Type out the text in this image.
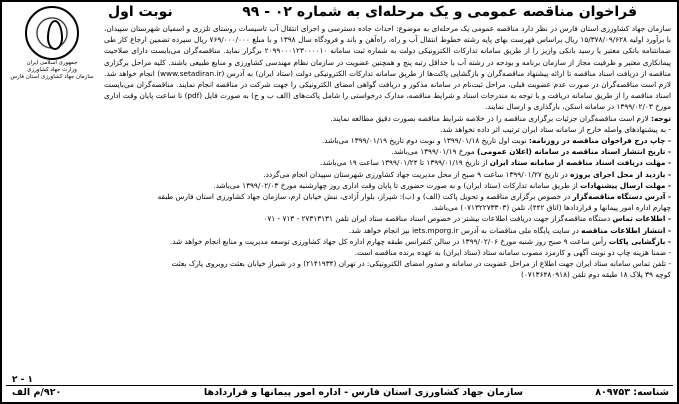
فراخوان مناقصه عمومی و یک مرحله‌ای به شماره ۰۲ - ۹۹
نوبت اول
جمهوری اسلامی ایران
وزارت جهاد کشاورزی
سازمان جهاد کشاورزی استان فارس
سازمان جهاد کشاورزی استان فارس در نظر دارد مناقصه عمومی یک مرحله‌ای به موضوع: احداث جاده دسترسی و اجرای انتقال آب تاسیسات روستای تلزری و اسفیان شهرستان سپیدان، با برآورد اولیه ۱۵/۳۷۸/۰۹/۶۲۸ ریال براساس فهرست بهای پایه رشته خطوط انتقال آب و راه، راه‌آهن و باند و فرودگاه سال ۱۳۹۸ و با مبلغ ۷۶۹/۰۰۰/۰۰۰ ریال سپرده تضمین ارجاع کار طی ضمانتنامه بانکی معتبر یا رسید بانکی واریز را از طریق سامانه تدارکات الکترونیکی دولت به شماره ثبت سامانه ۲۰۹۹۰۰۰۱۲۳۰۰۰۰۱۰ برگزار نماید. مناقصه‌گران می‌بایست دارای صلاحیت پیمانکاری معتبر و ظرفیت مجاز از سازمان برنامه و بودجه در رشته آب با حداقل رتبه پنج و همچنین عضویت در سازمان نظام مهندسی کشاورزی و منابع طبیعی باشند. کلیه مراحل برگزاری مناقصه از دریافت اسناد مناقصه تا ارائه پیشنهاد مناقصه‌گران و بازگشایی پاکت‌ها از طریق سامانه تدارکات الکترونیکی دولت (ستاد ایران) به آدرس (www.setadiran.ir) انجام خواهد شد. لازم است مناقصه‌گران در صورت عدم عضویت قبلی، مراحل ثبت‌نام در سامانه مذکور و دریافت گواهی امضای الکترونیکی را جهت شرکت در مناقصه انجام نمایند. مناقصه‌گران می‌بایست اسناد مناقصه را از طریق سامانه دریافت و با توجه به مندرجات اسناد و شرایط مناقصه، مدارک درخواستی را شامل پاکت‌های (الف ب و ج) به صورت فایل (pdf) تا ساعت پایان وقت اداری مورخ ۱۳۹۹/۰۲/۰۳ در سامانه اسکن، بارگذاری و ارسال نمایند.
توجه: لازم است مناقصه‌گران جزئیات برگزاری مناقصه را در خلاصه شرایط مناقصه بصورت دقیق مطالعه نمایند.
- به پیشنهادهای واصله خارج از سامانه ستاد ایران ترتیب اثر داده نخواهد شد.
- چاپ درج فراخوان مناقصه در روزنامه: نوبت اول تاریخ ۱۳۹۹/۰۱/۱۸ و نوبت دوم تاریخ ۱۳۹۹/۰۱/۱۹ می‌باشد.
- تاریخ انتشار اسناد مناقصه در سامانه (اعلان عمومی) مورخ ۱۳۹۹/۰۱/۱۹ می‌باشد.
- مهلت دریافت اسناد مناقصه از سامانه ستاد ایران از تاریخ ۱۳۹۹/۰۱/۱۹ تا ۱۳۹۹/۰۱/۲۴ ساعت ۱۹ می‌باشد.
- بازدید از محل اجرای پروژه در تاریخ ۱۳۹۹/۰۱/۲۷ ساعت ۹ صبح از محل مدیریت جهاد کشاورزی شهرستان سپیدان انجام می‌گردد.
- مهلت ارسال پیشنهادات از طریق سامانه تدارکات (ستاد ایران) و به صورت حضوری تا پایان وقت اداری روز چهارشنبه مورخ ۱۳۹۹/۰۲/۰۳ می‌باشد.
- آدرس دستگاه مناقصه‌گزار در خصوص برگزاری مناقصه و تحویل پاکت (الف) و (ب): شیراز، بلوار آزادی، نبش خیابان ارم، سازمان جهاد کشاورزی استان فارس طبقه
چهارم اداره امور پیمانها و قراردادها (اتاق ۴۴۲)، تلفن (۰۷۱۳۲۲۷۳۳۰۳) می‌باشد.
- اطلاعات تماس دستگاه مناقصه‌گزار جهت دریافت اطلاعات بیشتر در خصوص اسناد مناقصه ستاد ایران تلفن ۲۷۳۱۳۱۳۱ - ۷۱۳ - ۰۷۱
- انتشار اطلاعات مناقصه در سایت پایگاه ملی مناقصات به آدرس iets.mporg.ir نیز انجام خواهد شد.
- بازگشایی پاکات رأس ساعت ۹ صبح روز شنبه مورخ ۱۳۹۹/۰۲/۰۶ در سالن کنفرانس طبقه چهارم اداره کل جهاد کشاورزی توسعه مدیریت و منابع انجام خواهد شد.
- ضمنا هزینه چاپ دو نوبت آگهی و کارمزد مصوب سامانه ستاد (ستاد ایران) به عهده برنده مناقصه است.
- تلفن تماس سامانه ستاد ایران جهت اطلاع از مراحل عضویت در سامانه و صدور امضای الکترونیکی: در تهران (۲۱۴۱۹۳۴) و در شیراز خیابان بعثت روبروی پارک بعثت
کوچه ۳۹ پلاک ۱۸ طبقه دوم تلفن (۰۷۱۳۶۴۸۰۹۱۸)
۱ - ۲
شناسه: ۸۰۹۷۵۳
سازمان جهاد کشاورزی استان فارس - اداره امور پیمانها و قراردادها
۹۲۰/م الف
